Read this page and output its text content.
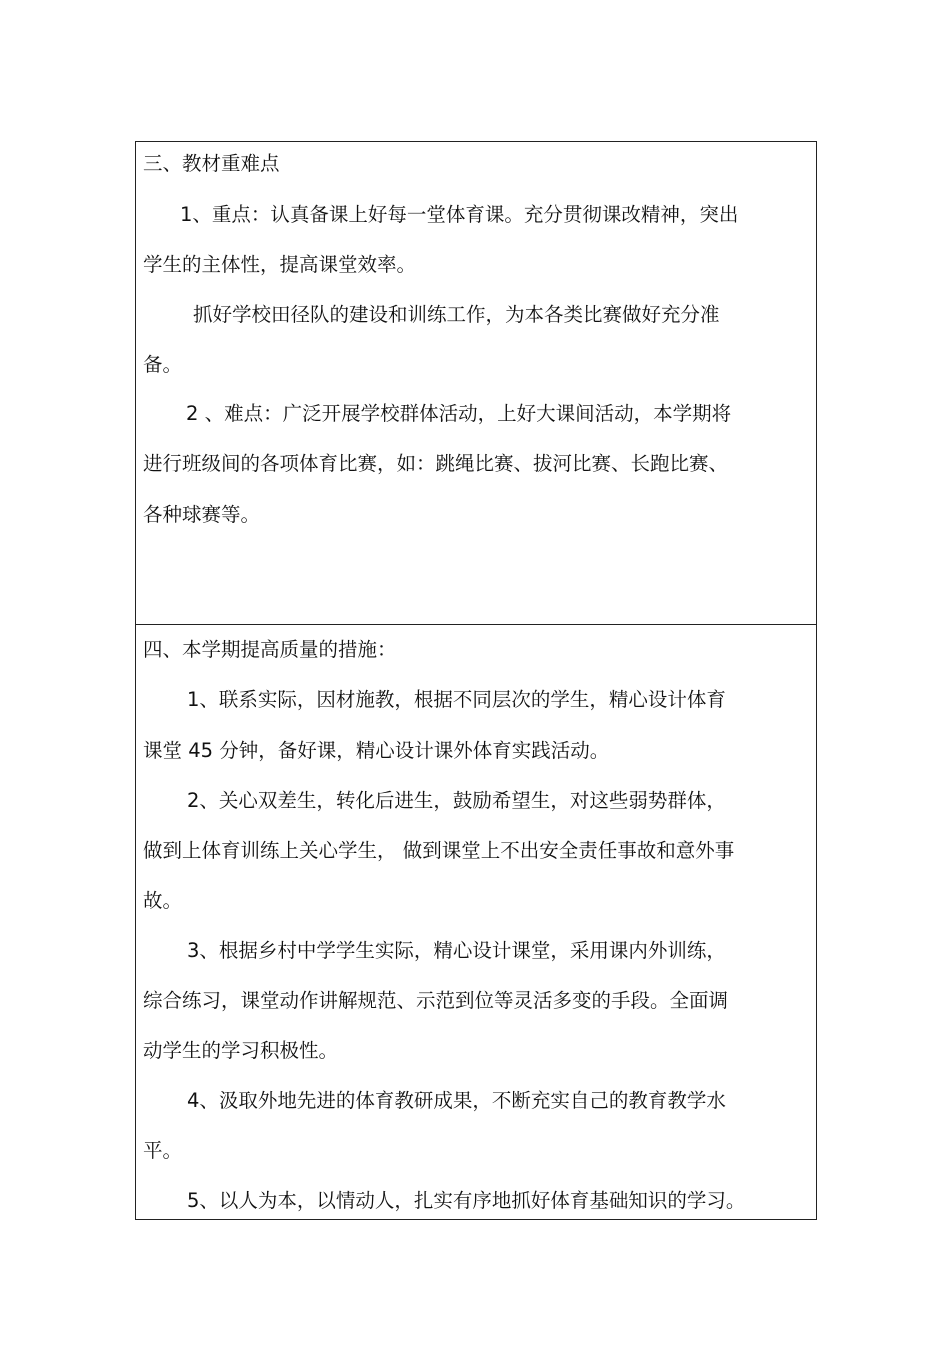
三、教材重难点
1、重点：认真备课上好每一堂体育课。充分贯彻课改精神，突出
学生的主体性，提高课堂效率。
抓好学校田径队的建设和训练工作，为本各类比赛做好充分准
备。
2 、难点：广泛开展学校群体活动，上好大课间活动，本学期将
进行班级间的各项体育比赛，如：跳绳比赛、拔河比赛、长跑比赛、
各种球赛等。
四、本学期提高质量的措施：
1、联系实际，因材施教，根据不同层次的学生，精心设计体育
课堂 45 分钟，备好课，精心设计课外体育实践活动。
2、关心双差生，转化后进生，鼓励希望生，对这些弱势群体，
做到上体育训练上关心学生， 做到课堂上不出安全责任事故和意外事
故。
3、根据乡村中学学生实际，精心设计课堂，采用课内外训练，
综合练习，课堂动作讲解规范、示范到位等灵活多变的手段。全面调
动学生的学习积极性。
4、汲取外地先进的体育教研成果，不断充实自己的教育教学水
平。
5、以人为本，以情动人，扎实有序地抓好体育基础知识的学习。
